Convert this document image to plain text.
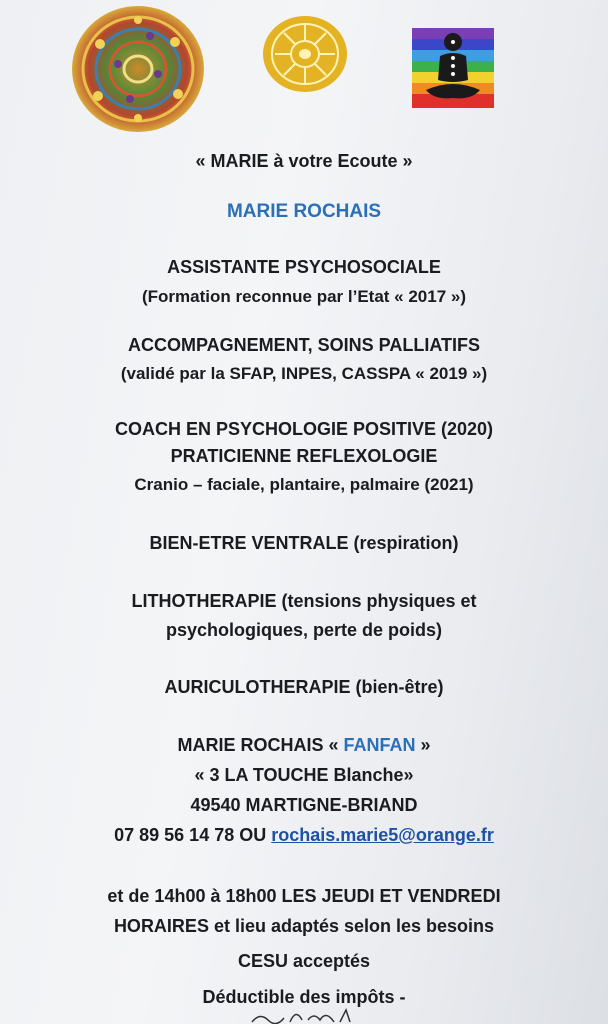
« MARIE à votre Ecoute »
MARIE ROCHAIS
ASSISTANTE PSYCHOSOCIALE
(Formation reconnue par l’Etat « 2017 »)
ACCOMPAGNEMENT, SOINS PALLIATIFS
(validé par la SFAP, INPES, CASSPA « 2019 »)
COACH EN PSYCHOLOGIE POSITIVE (2020)
PRATICIENNE REFLEXOLOGIE
Cranio – faciale, plantaire, palmaire (2021)
BIEN-ETRE VENTRALE (respiration)
LITHOTHERAPIE (tensions physiques et
psychologiques, perte de poids)
AURICULOTHERAPIE (bien-être)
MARIE ROCHAIS « FANFAN »
« 3 LA TOUCHE Blanche»
49540 MARTIGNE-BRIAND
07 89 56 14 78 OU rochais.marie5@orange.fr
et de 14h00 à 18h00 LES JEUDI ET VENDREDI
HORAIRES et lieu adaptés selon les besoins
CESU acceptés
Déductible des impôts -
